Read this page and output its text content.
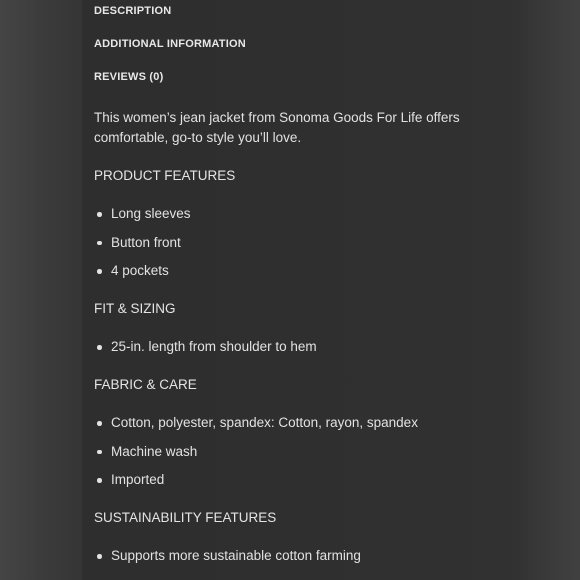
DESCRIPTION
ADDITIONAL INFORMATION
REVIEWS (0)
This women’s jean jacket from Sonoma Goods For Life offers comfortable, go-to style you’ll love.
PRODUCT FEATURES
Long sleeves
Button front
4 pockets
FIT & SIZING
25-in. length from shoulder to hem
FABRIC & CARE
Cotton, polyester, spandex: Cotton, rayon, spandex
Machine wash
Imported
SUSTAINABILITY FEATURES
Supports more sustainable cotton farming
